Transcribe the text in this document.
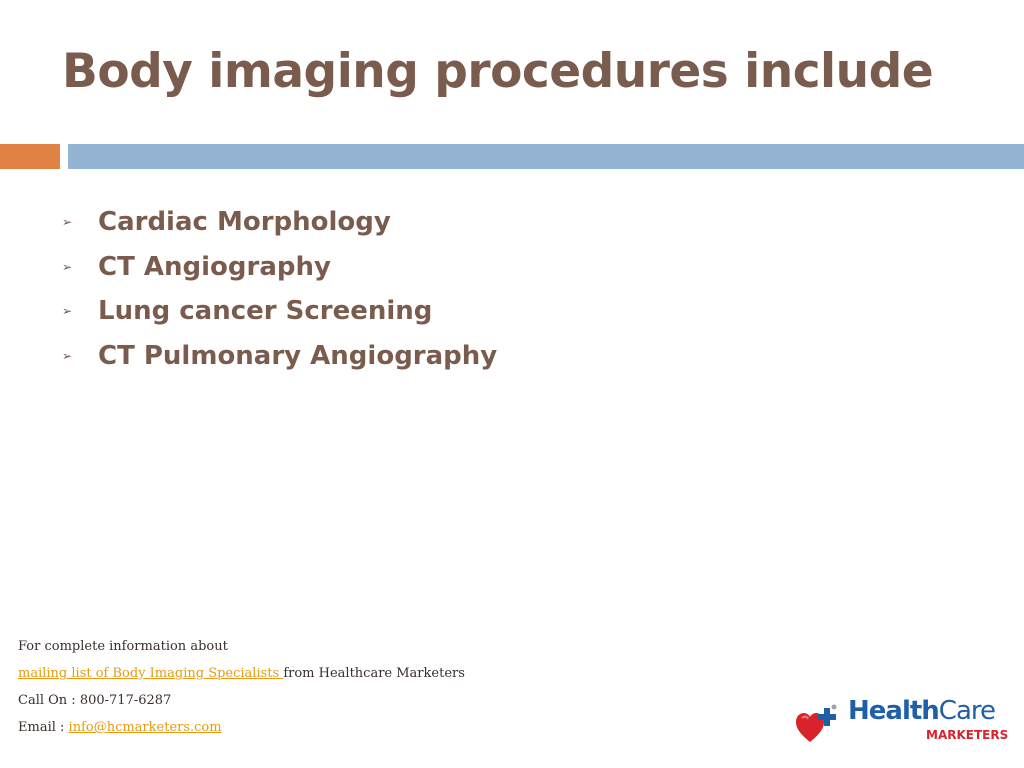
Body imaging procedures include
➢ Cardiac Morphology
➢ CT Angiography
➢ Lung cancer Screening
➢ CT Pulmonary Angiography
For complete information about
mailing list of Body Imaging Specialists from Healthcare Marketers
Call On : 800-717-6287
Email : info@hcmarketers.com
HealthCare
MARKETERS
